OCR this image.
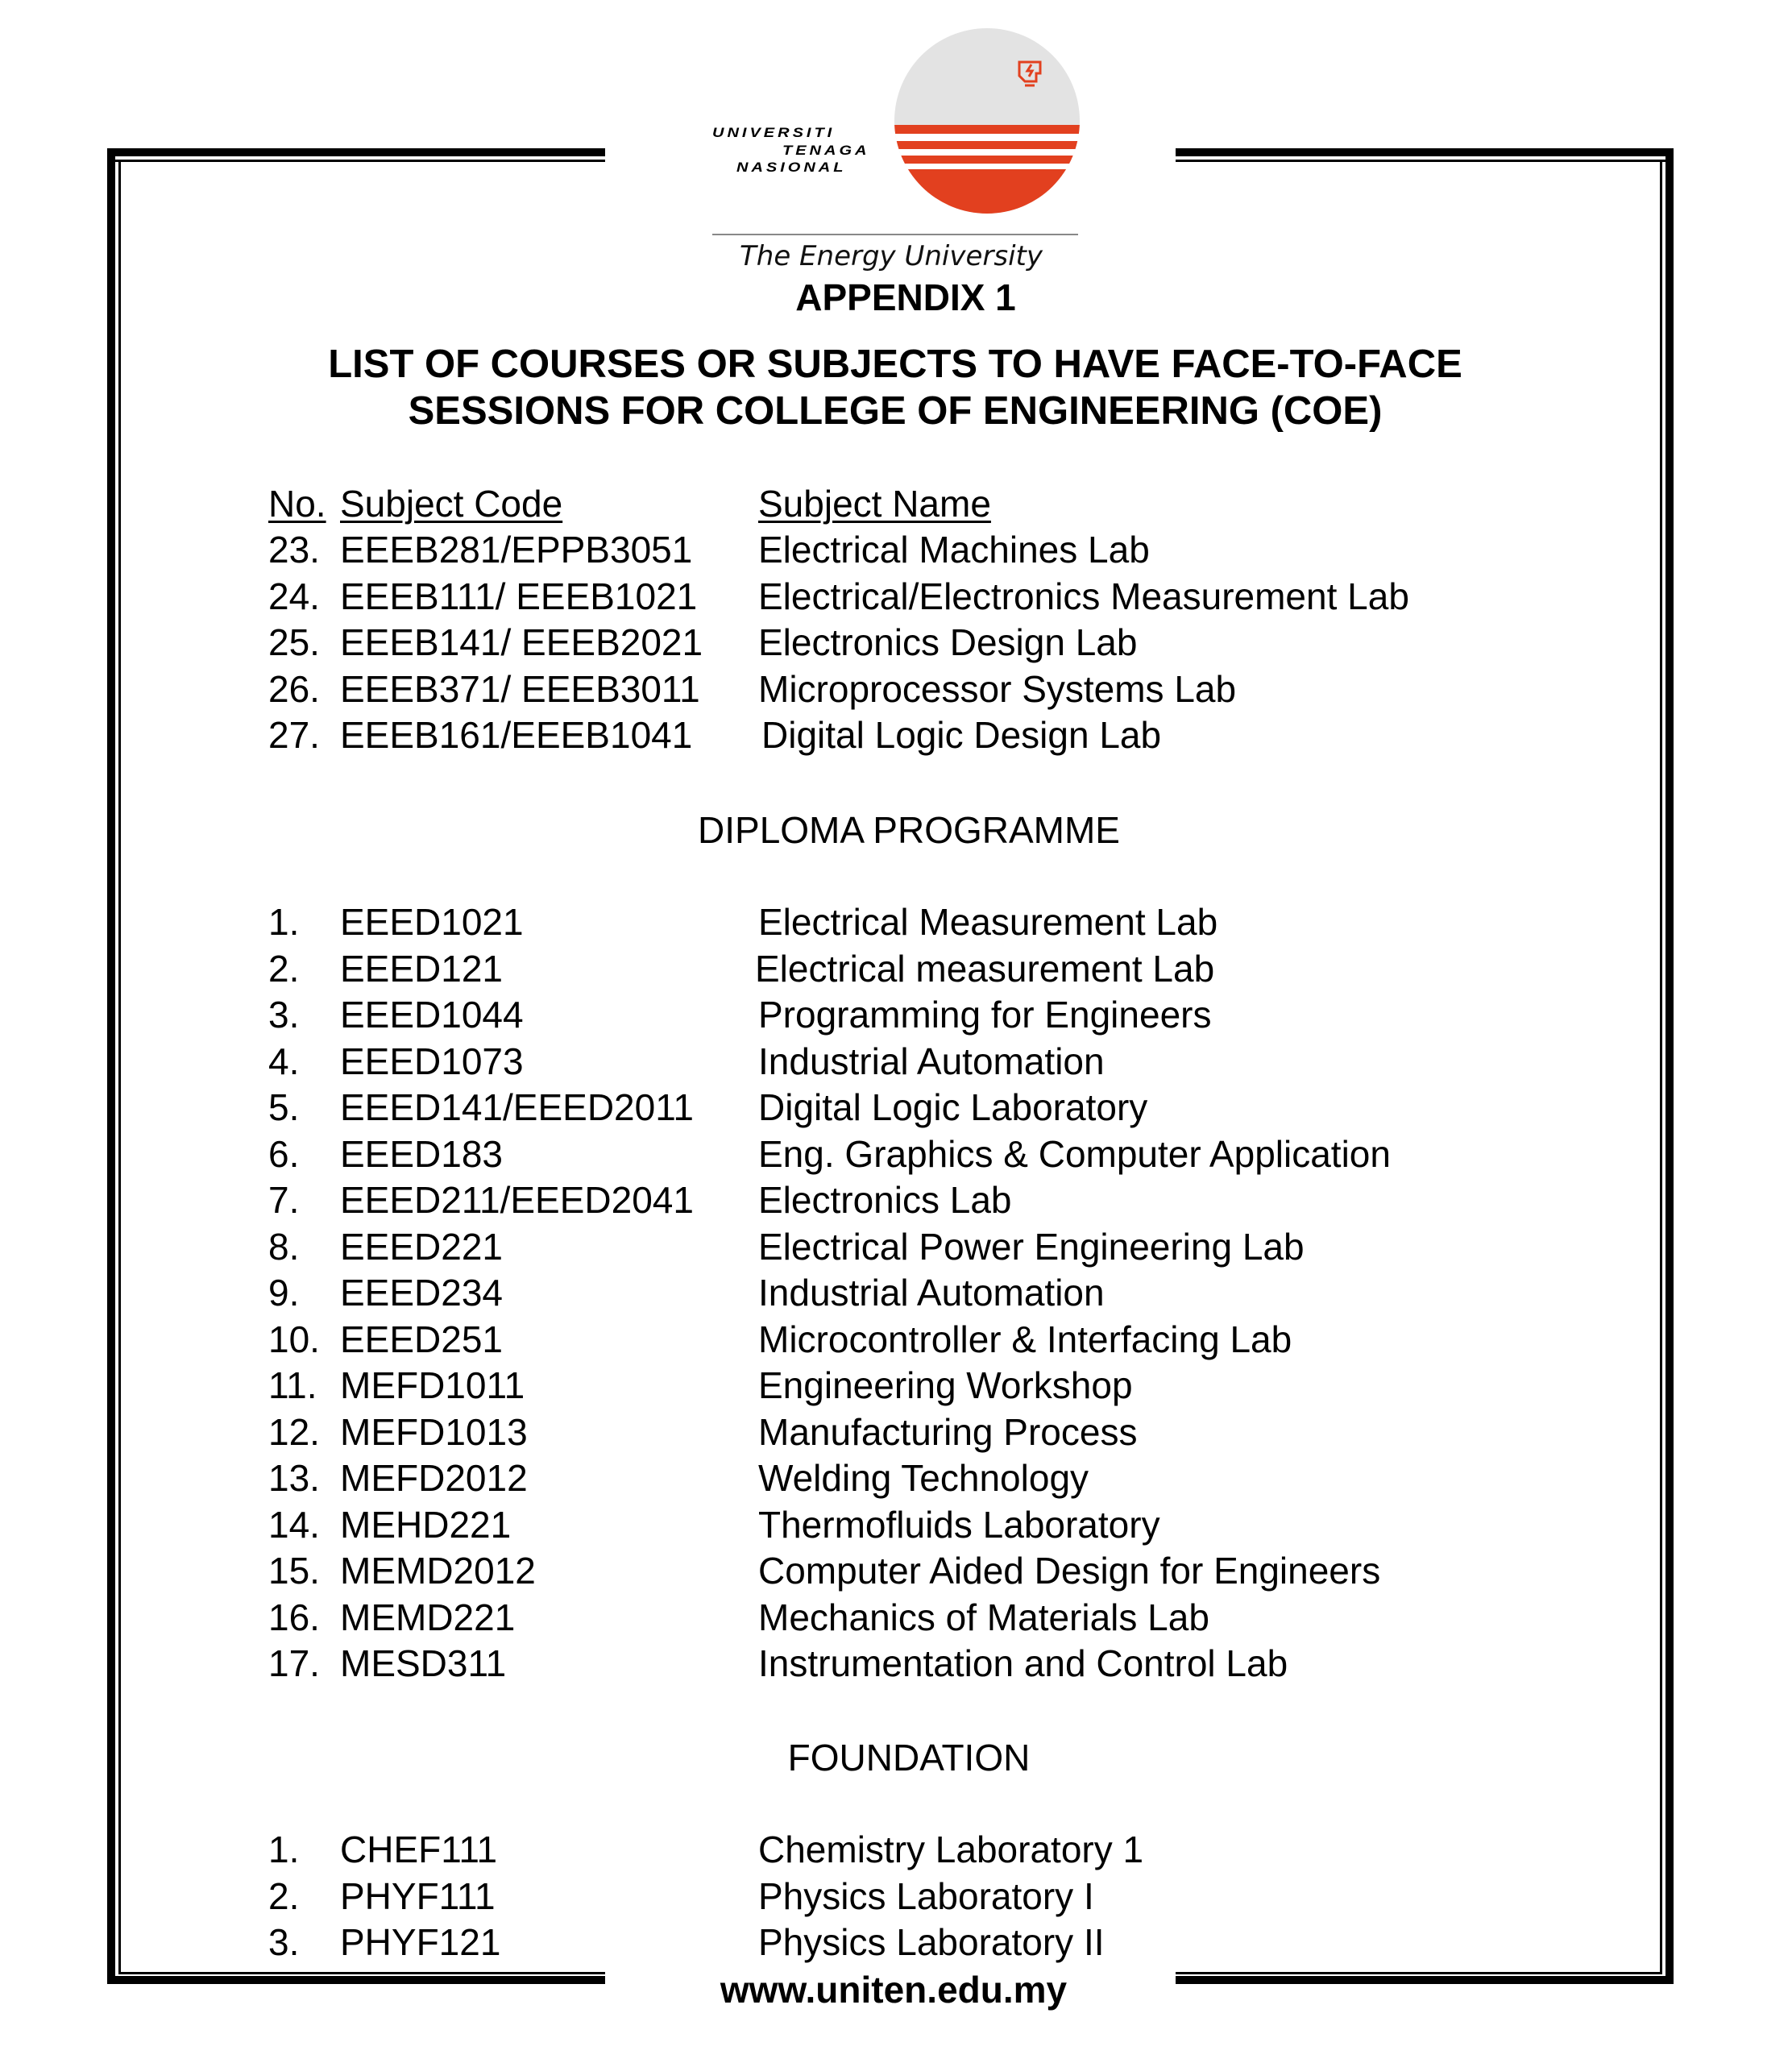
UNIVERSITI
TENAGA
NASIONAL
The Energy University
APPENDIX 1
LIST OF COURSES OR SUBJECTS TO HAVE FACE-TO-FACE
SESSIONS FOR COLLEGE OF ENGINEERING (COE)
No. Subject Code	Subject Name
23. EEEB281/EPPB3051 Electrical Machines Lab
24. EEEB111/ EEEB1021 Electrical/Electronics Measurement Lab
25. EEEB141/ EEEB2021 Electronics Design Lab
26. EEEB371/ EEEB3011 Microprocessor Systems Lab
27. EEEB161/EEEB1041 Digital Logic Design Lab
DIPLOMA PROGRAMME
1. EEED1021	Electrical Measurement Lab
2. EEED121	Electrical measurement Lab
3. EEED1044	Programming for Engineers
4. EEED1073	Industrial Automation
5. EEED141/EEED2011 Digital Logic Laboratory
6. EEED183	Eng. Graphics & Computer Application
7. EEED211/EEED2041 Electronics Lab
8. EEED221	Electrical Power Engineering Lab
9. EEED234	Industrial Automation
10. EEED251	Microcontroller & Interfacing Lab
11. MEFD1011	Engineering Workshop
12. MEFD1013	Manufacturing Process
13. MEFD2012	Welding Technology
14. MEHD221	Thermofluids Laboratory
15. MEMD2012	Computer Aided Design for Engineers
16. MEMD221	Mechanics of Materials Lab
17. MESD311	Instrumentation and Control Lab
FOUNDATION
1. CHEF111	Chemistry Laboratory 1
2. PHYF111	Physics Laboratory I
3. PHYF121	Physics Laboratory II
www.uniten.edu.my
